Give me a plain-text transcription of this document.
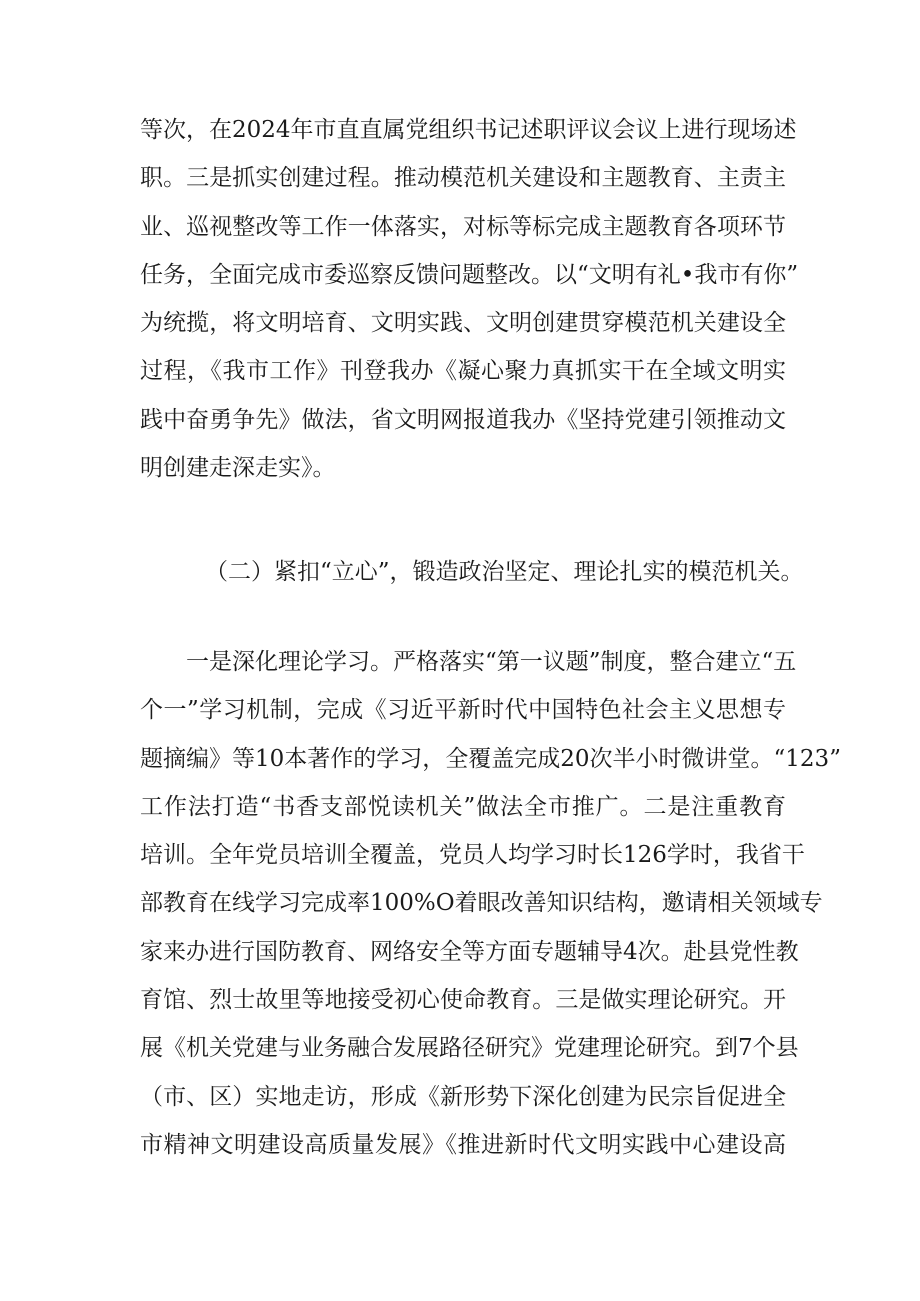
等次，在2024年市直直属党组织书记述职评议会议上进行现场述
职。三是抓实创建过程。推动模范机关建设和主题教育、主责主
业、巡视整改等工作一体落实，对标等标完成主题教育各项环节
任务，全面完成市委巡察反馈问题整改。以“文明有礼•我市有你”
为统揽，将文明培育、文明实践、文明创建贯穿模范机关建设全
过程，《我市工作》刊登我办《凝心聚力真抓实干在全域文明实
践中奋勇争先》做法，省文明网报道我办《坚持党建引领推动文
明创建走深走实》。
（二）紧扣“立心”，锻造政治坚定、理论扎实的模范机关。
　　一是深化理论学习。严格落实“第一议题”制度，整合建立“五
个一”学习机制，完成《习近平新时代中国特色社会主义思想专
题摘编》等10本著作的学习，全覆盖完成20次半小时微讲堂。“123”
工作法打造“书香支部悦读机关”做法全市推广。二是注重教育
培训。全年党员培训全覆盖，党员人均学习时长126学时，我省干
部教育在线学习完成率100%O着眼改善知识结构，邀请相关领域专
家来办进行国防教育、网络安全等方面专题辅导4次。赴县党性教
育馆、烈士故里等地接受初心使命教育。三是做实理论研究。开
展《机关党建与业务融合发展路径研究》党建理论研究。到7个县
（市、区）实地走访，形成《新形势下深化创建为民宗旨促进全
市精神文明建设高质量发展》《推进新时代文明实践中心建设高
